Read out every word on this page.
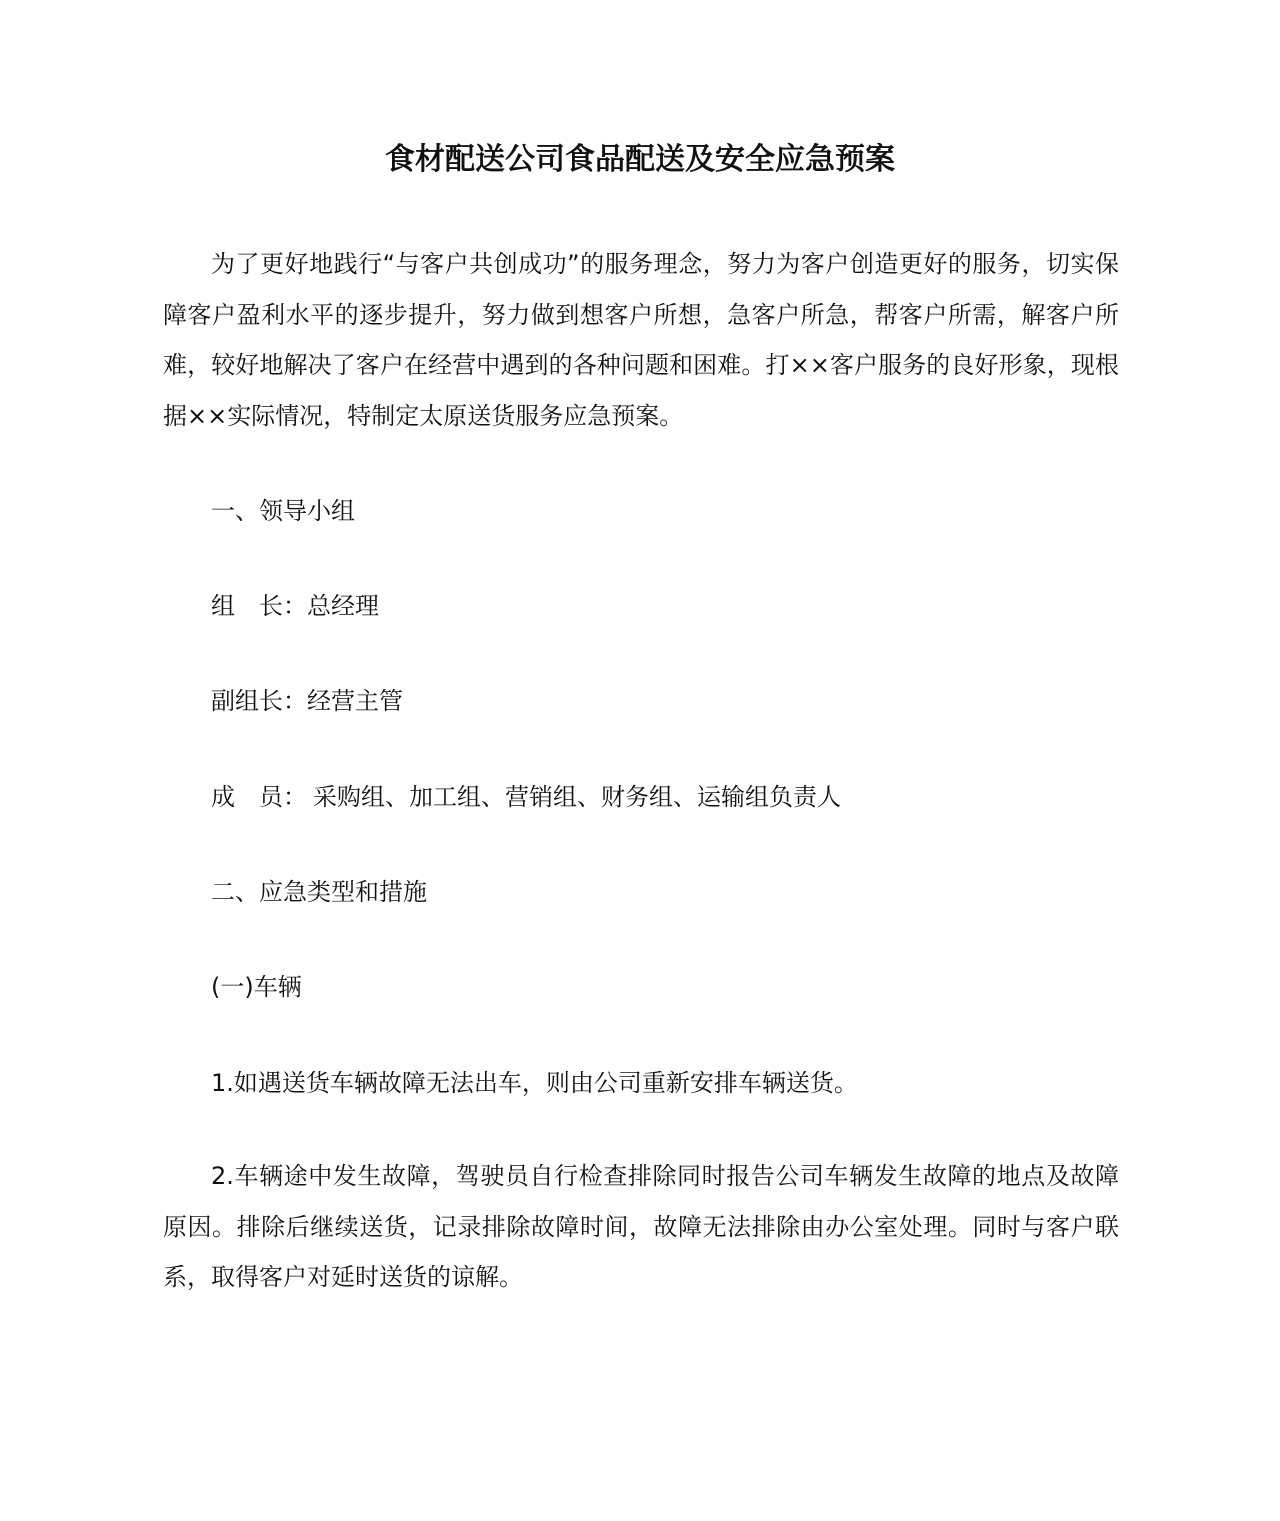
食材配送公司食品配送及安全应急预案

为了更好地践行“与客户共创成功”的服务理念，努力为客户创造更好的服务，切实保障客户盈利水平的逐步提升，努力做到想客户所想，急客户所急，帮客户所需，解客户所难，较好地解决了客户在经营中遇到的各种问题和困难。打××客户服务的良好形象，现根据××实际情况，特制定太原送货服务应急预案。

一、领导小组

组 长：总经理

副组长：经营主管

成 员： 采购组、加工组、营销组、财务组、运输组负责人

二、应急类型和措施

(一)车辆

1.如遇送货车辆故障无法出车，则由公司重新安排车辆送货。

2.车辆途中发生故障，驾驶员自行检查排除同时报告公司车辆发生故障的地点及故障原因。排除后继续送货，记录排除故障时间，故障无法排除由办公室处理。同时与客户联系，取得客户对延时送货的谅解。
